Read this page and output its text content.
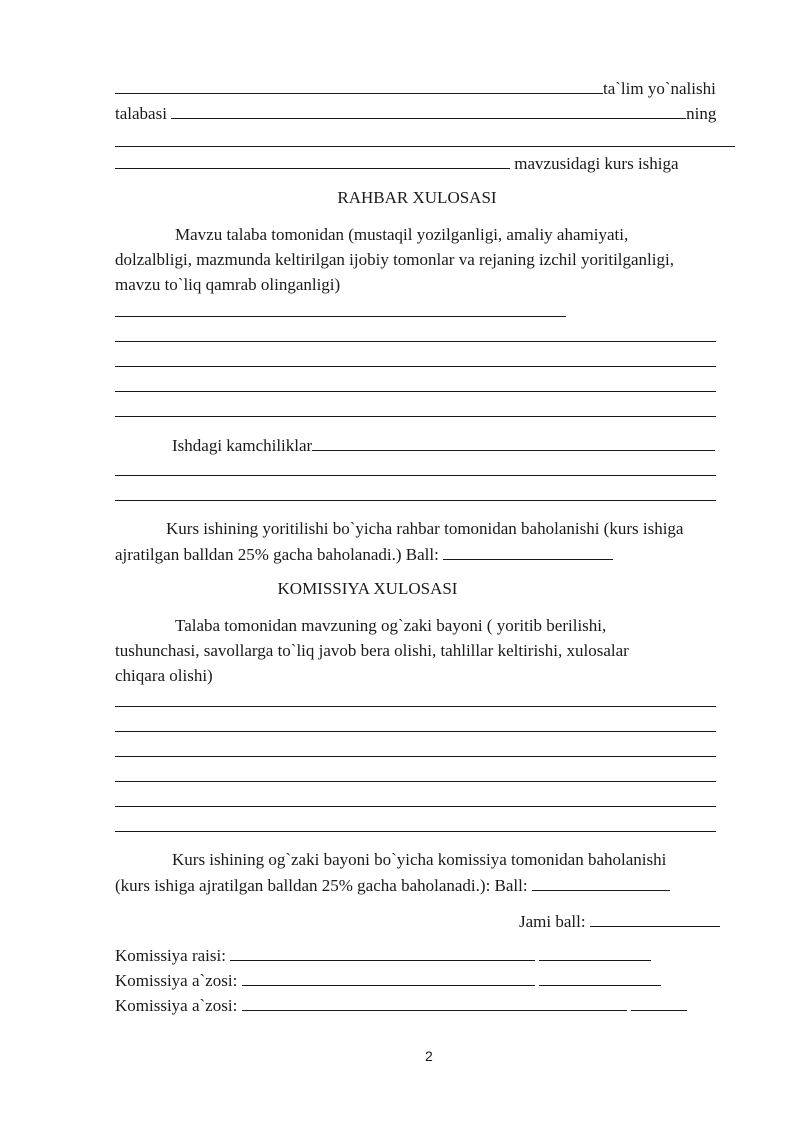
ta`lim yo`nalishi
talabasi	ning
mavzusidagi kurs ishiga
RAHBAR XULOSASI
Mavzu talaba tomonidan (mustaqil yozilganligi, amaliy ahamiyati,
dolzalbligi, mazmunda keltirilgan ijobiy tomonlar va rejaning izchil yoritilganligi,
mavzu to`liq qamrab olinganligi)
Ishdagi kamchiliklar
Kurs ishining yoritilishi bo`yicha rahbar tomonidan baholanishi (kurs ishiga
ajratilgan balldan 25% gacha baholanadi.) Ball:
KOMISSIYA XULOSASI
Talaba tomonidan mavzuning og`zaki bayoni ( yoritib berilishi,
tushunchasi, savollarga to`liq javob bera olishi, tahlillar keltirishi, xulosalar
chiqara olishi)
Kurs ishining og`zaki bayoni bo`yicha komissiya tomonidan baholanishi
(kurs ishiga ajratilgan balldan 25% gacha baholanadi.): Ball:
Jami ball:
Komissiya raisi:
Komissiya a`zosi:
Komissiya a`zosi:
2
